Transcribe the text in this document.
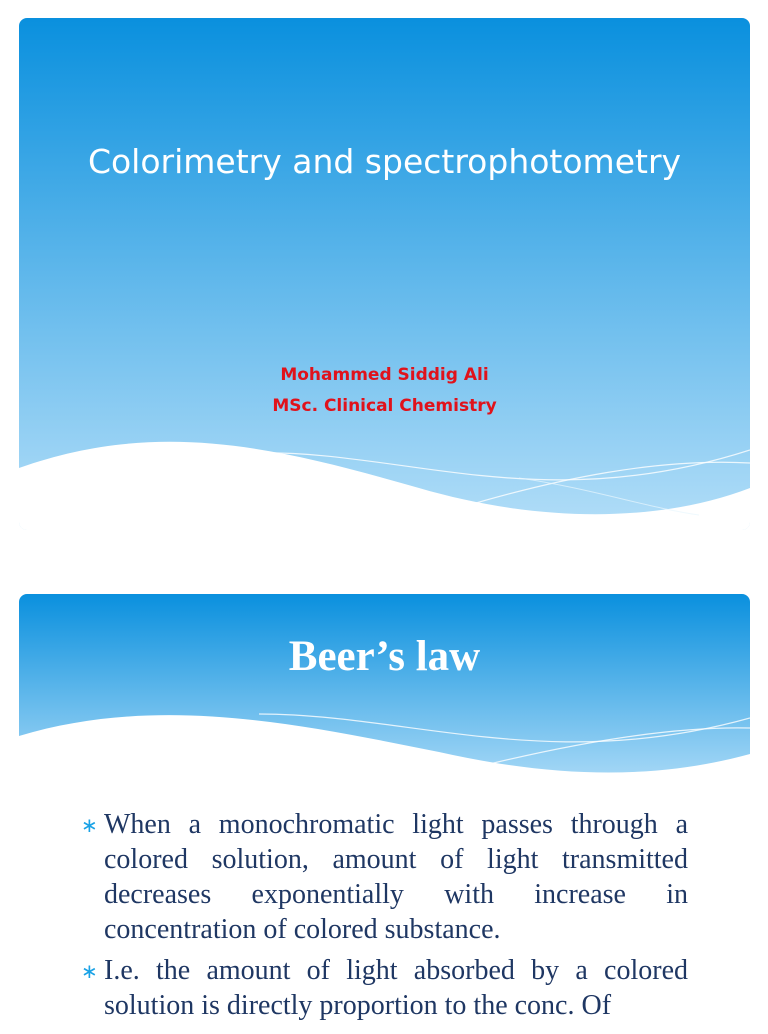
Colorimetry and spectrophotometry
Mohammed Siddig Ali
MSc. Clinical Chemistry
Beer’s law
∗ When a monochromatic light passes through a colored solution, amount of light transmitted decreases exponentially with increase in concentration of colored substance.
∗ I.e. the amount of light absorbed by a colored solution is directly proportion to the conc. Of
